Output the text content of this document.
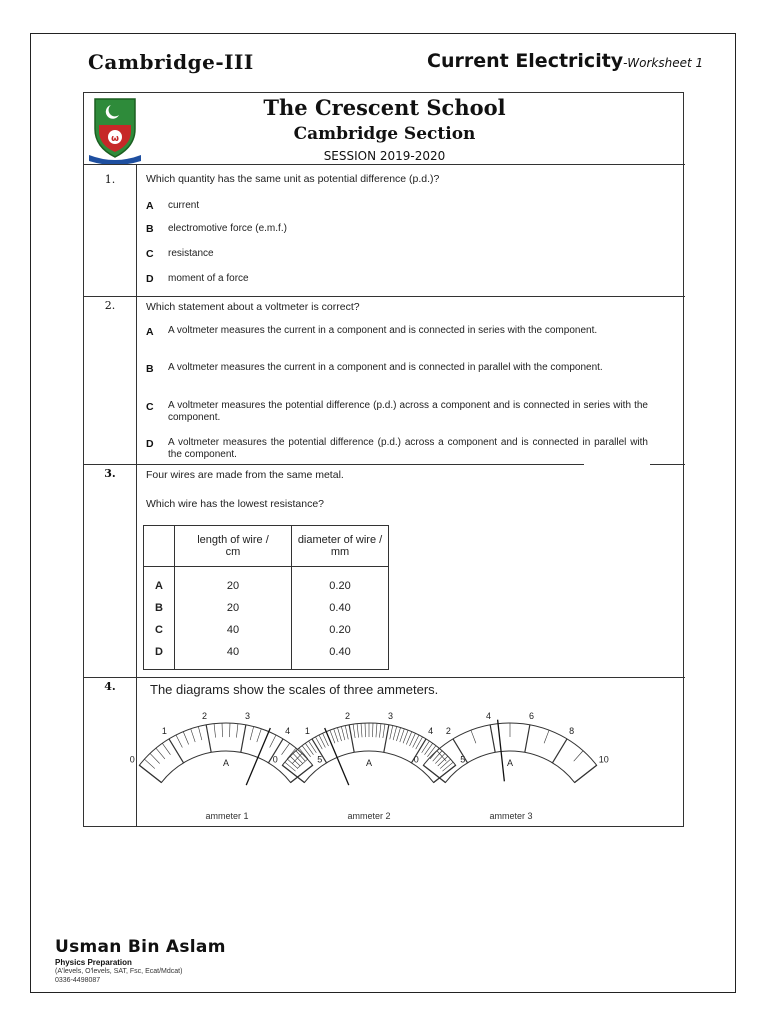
Cambridge-III	Current Electricity-Worksheet 1
ω
The Crescent School
Cambridge Section
SESSION 2019-2020
1.	Which quantity has the same unit as potential difference (p.d.)?
A current
B electromotive force (e.m.f.)
C resistance
D moment of a force
2.	Which statement about a voltmeter is correct?
A A voltmeter measures the current in a component and is connected in series with the component.
B A voltmeter measures the current in a component and is connected in parallel with the component.
C A voltmeter measures the potential difference (p.d.) across a component and is connected in series with the component.
D A voltmeter measures the potential difference (p.d.) across a component and is connected in parallel with the component.
3.	Four wires are made from the same metal.
Which wire has the lowest resistance?
	length of wire / cm	diameter of wire / mm
A	20	0.20
B	20	0.40
C	40	0.20
D	40	0.40
4.	The diagrams show the scales of three ammeters.
0
1
2	3
4
5
A	0
1
2	3
4
5
A	0
2
4	6
8
10
A
ammeter 1	ammeter 2	ammeter 3
Usman Bin Aslam
Physics Preparation
(A'levels, O'levels, SAT, Fsc, Ecat/Mdcat)
0336-4498087
